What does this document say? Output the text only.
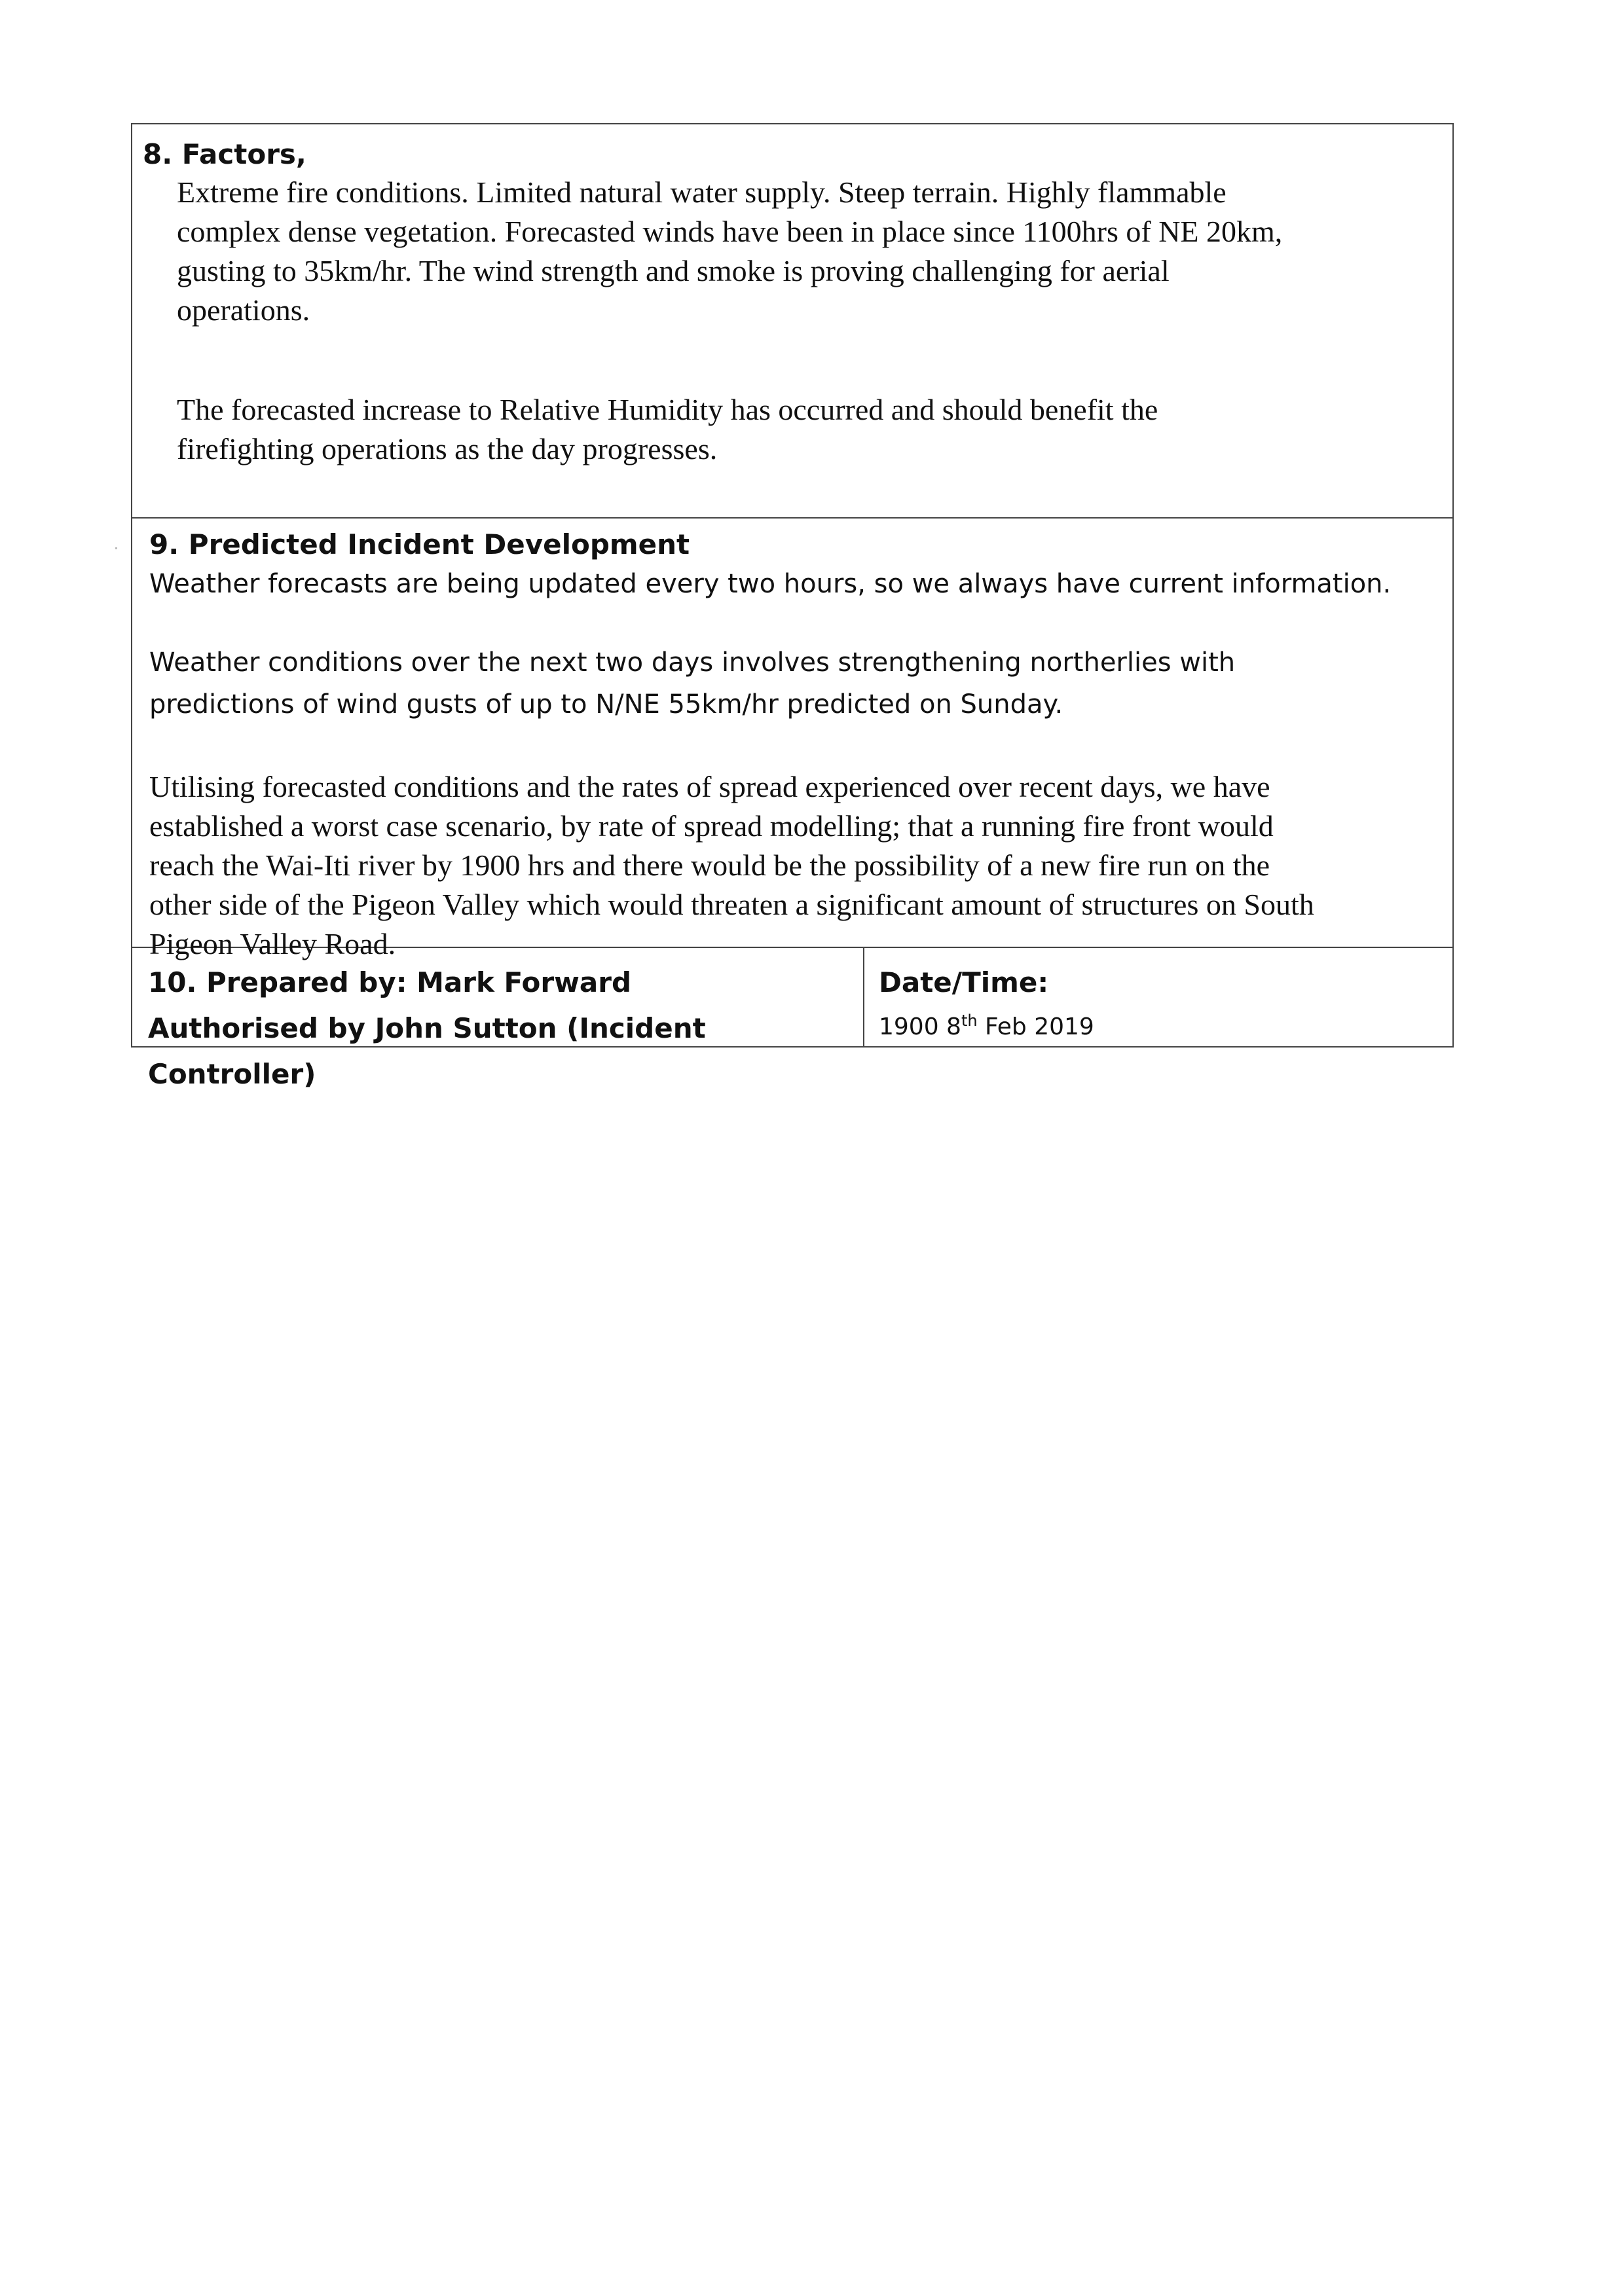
8. Factors,

Extreme fire conditions. Limited natural water supply. Steep terrain. Highly flammable

complex dense vegetation. Forecasted winds have been in place since 1100hrs of NE 20km,

gusting to 35km/hr. The wind strength and smoke is proving challenging for aerial

operations.

The forecasted increase to Relative Humidity has occurred and should benefit the

firefighting operations as the day progresses.

9. Predicted Incident Development

Weather forecasts are being updated every two hours, so we always have current information.

Weather conditions over the next two days involves strengthening northerlies with

predictions of wind gusts of up to N/NE 55km/hr predicted on Sunday.

Utilising forecasted conditions and the rates of spread experienced over recent days, we have

established a worst case scenario, by rate of spread modelling; that a running fire front would

reach the Wai-Iti river by 1900 hrs and there would be the possibility of a new fire run on the

other side of the Pigeon Valley which would threaten a significant amount of structures on South

Pigeon Valley Road.

10. Prepared by: Mark Forward

Authorised by John Sutton (Incident Controller)

Date/Time:

1900 8th Feb 2019
